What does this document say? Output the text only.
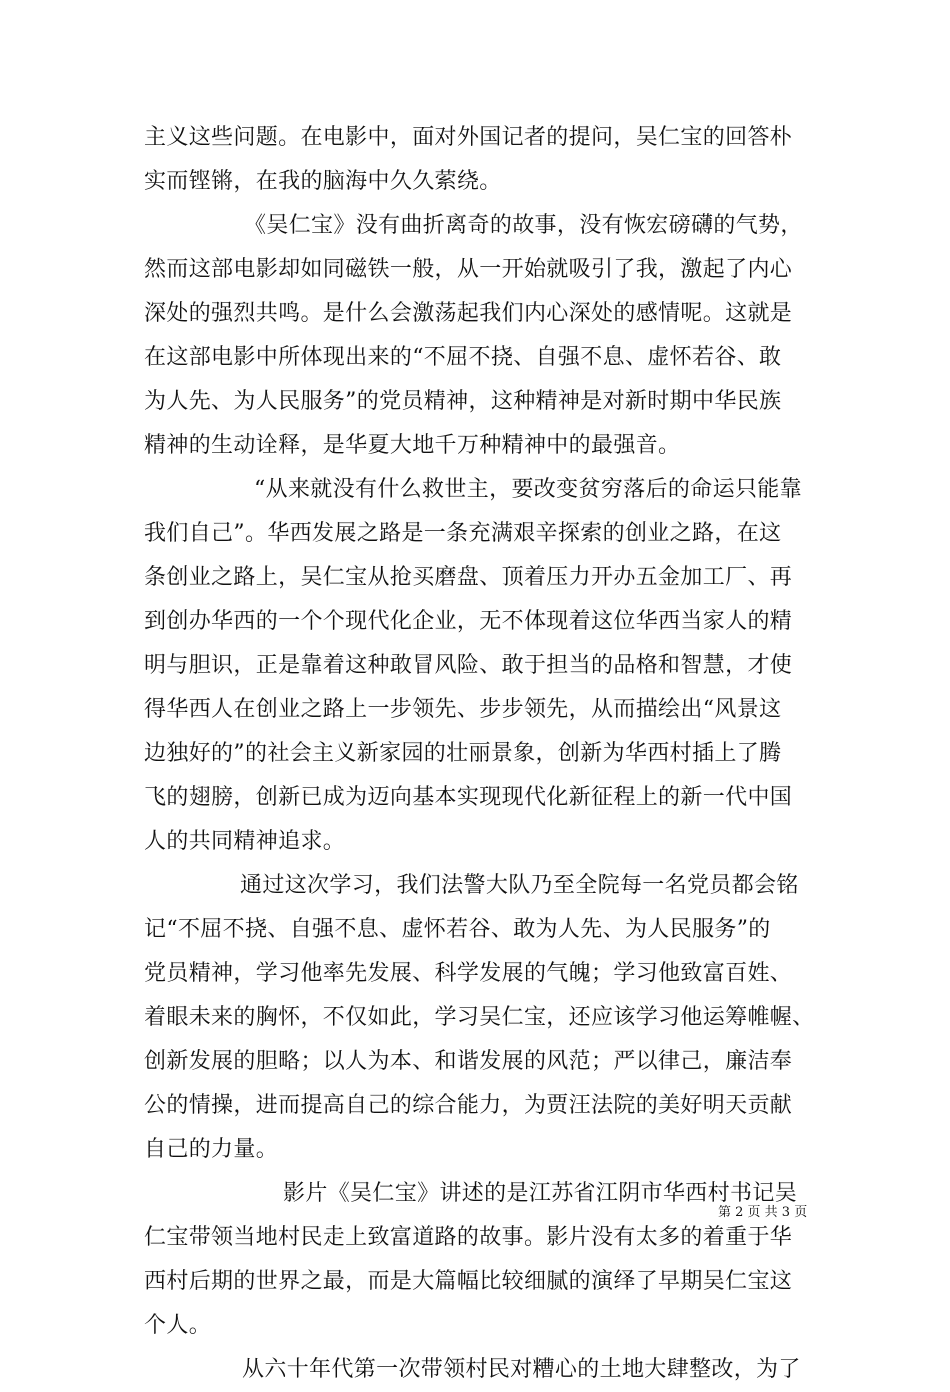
主义这些问题。在电影中，面对外国记者的提问，吴仁宝的回答朴
实而铿锵，在我的脑海中久久萦绕。
《吴仁宝》没有曲折离奇的故事，没有恢宏磅礴的气势，
然而这部电影却如同磁铁一般，从一开始就吸引了我，激起了内心
深处的强烈共鸣。是什么会激荡起我们内心深处的感情呢。这就是
在这部电影中所体现出来的“不屈不挠、自强不息、虚怀若谷、敢
为人先、为人民服务”的党员精神，这种精神是对新时期中华民族
精神的生动诠释，是华夏大地千万种精神中的最强音。
“从来就没有什么救世主，要改变贫穷落后的命运只能靠
我们自己”。华西发展之路是一条充满艰辛探索的创业之路，在这
条创业之路上，吴仁宝从抢买磨盘、顶着压力开办五金加工厂、再
到创办华西的一个个现代化企业，无不体现着这位华西当家人的精
明与胆识，正是靠着这种敢冒风险、敢于担当的品格和智慧，才使
得华西人在创业之路上一步领先、步步领先，从而描绘出“风景这
边独好的”的社会主义新家园的壮丽景象，创新为华西村插上了腾
飞的翅膀，创新已成为迈向基本实现现代化新征程上的新一代中国
人的共同精神追求。
通过这次学习，我们法警大队乃至全院每一名党员都会铭
记“不屈不挠、自强不息、虚怀若谷、敢为人先、为人民服务”的
党员精神，学习他率先发展、科学发展的气魄；学习他致富百姓、
着眼未来的胸怀，不仅如此，学习吴仁宝，还应该学习他运筹帷幄、
创新发展的胆略；以人为本、和谐发展的风范；严以律己，廉洁奉
公的情操，进而提高自己的综合能力，为贾汪法院的美好明天贡献
自己的力量。
影片《吴仁宝》讲述的是江苏省江阴市华西村书记吴
仁宝带领当地村民走上致富道路的故事。影片没有太多的着重于华
西村后期的世界之最，而是大篇幅比较细腻的演绎了早期吴仁宝这
个人。
从六十年代第一次带领村民对糟心的土地大肆整改，为了
第 2 页 共 3 页
